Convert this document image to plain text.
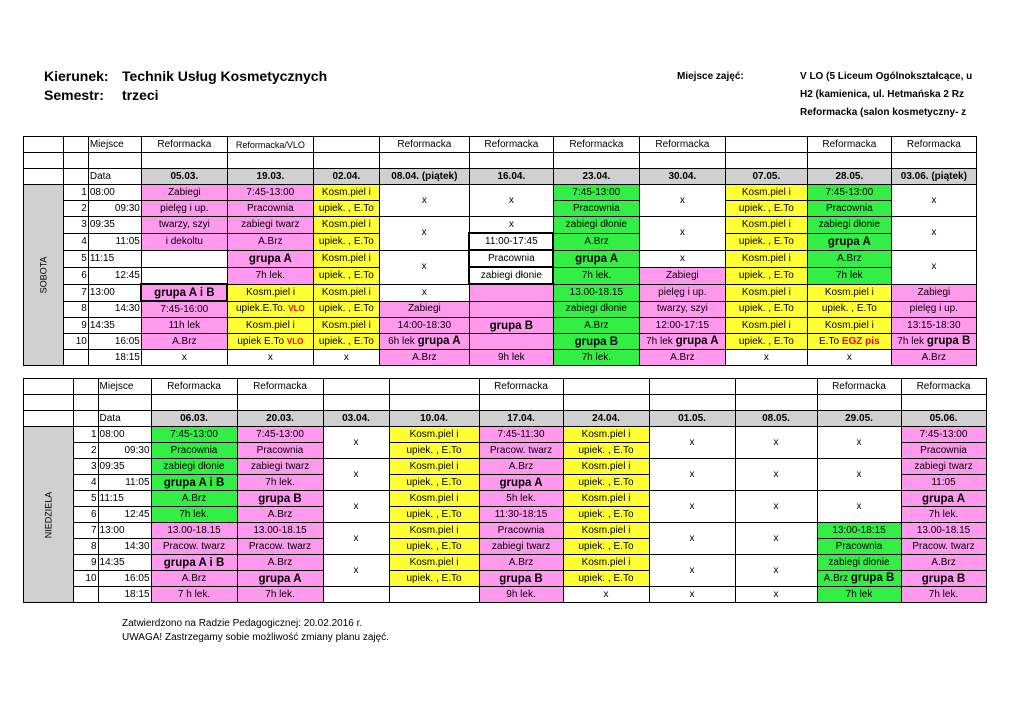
Kierunek: Technik Usług Kosmetycznych
Semestr: trzeci
Miejsce zajęć:	V LO (5 Liceum Ogólnokształcące, u
H2 (kamienica, ul. Hetmańska 2 Rz
Reformacka (salon kosmetyczny- z
		Miejsce	Reformacka	Reformacka/VLO		Reformacka	Reformacka	Reformacka	Reformacka		Reformacka	Reformacka

		Data	05.03.	19.03.	02.04.	08.04. (piątek)	16.04.	23.04.	30.04.	07.05.	28.05.	03.06. (piątek)
SOBOTA	1	08:00	Zabiegi	7:45-13:00	Kosm.piel i	x	x	7:45-13:00	x	Kosm.piel i	7:45-13:00	x
	2	09:30	pielęg i up.	Pracownia	upiek. , E.To			Pracownia		upiek. , E.To	Pracownia	
	3	09:35	twarzy, szyi	zabiegi twarz	Kosm.piel i	x	x	zabiegi dłonie	x	Kosm.piel i	zabiegi dłonie	x
	4	11:05	i dekoltu	A.Brz	upiek. , E.To		11:00-17:45	A.Brz		upiek. , E.To	grupa A	
	5	11:15		grupa A	Kosm.piel i	x	Pracownia	grupa A	x	Kosm.piel i	A.Brz	x
	6	12:45		7h lek.	upiek. , E.To		zabiegi dłonie	7h lek.	Zabiegi	upiek. , E.To	7h lek	
	7	13:00	grupa A i B	Kosm.piel i	Kosm.piel i	x		13.00-18.15	pielęg i up.	Kosm.piel i	Kosm.piel i	Zabiegi
	8	14:30	7:45-16:00	upiek.E.To. VLO	upiek. , E.To	Zabiegi		zabiegi dłonie	twarzy, szyi	upiek. , E.To	upiek. , E.To	pielęg i up.
	9	14:35	11h lek	Kosm.piel i	Kosm.piel i	14:00-18:30	grupa B	A.Brz	12:00-17:15	Kosm.piel i	Kosm.piel i	13:15-18:30
	10	16:05	A.Brz	upiek E.To VLO	upiek. , E.To	6h lek grupa A		grupa B	7h lek grupa A	upiek. , E.To	E.To EGZ pis	7h lek grupa B
		18:15	x	x	x	A.Brz	9h lek	7h lek.	A.Brz	x	x	A.Brz
		Miejsce	Reformacka	Reformacka			Reformacka				Reformacka	Reformacka

		Data	06.03.	20.03.	03.04.	10.04.	17.04.	24.04.	01.05.	08.05.	29.05.	05.06.
NIEDZIELA	1	08:00	7:45-13:00	7:45-13:00	x	Kosm.piel i	7:45-11:30	Kosm.piel i	x	x	x	7:45-13:00
	2	09:30	Pracownia	Pracownia		upiek. , E.To	Pracow. twarz	upiek. , E.To				Pracownia
	3	09:35	zabiegi dłonie	zabiegi twarz	x	Kosm.piel i	A.Brz	Kosm.piel i	x	x	x	zabiegi twarz
	4	11:05	grupa A i B	7h lek.		upiek. , E.To	grupa A	upiek. , E.To				11:05
	5	11:15	A.Brz	grupa B	x	Kosm.piel i	5h lek.	Kosm.piel i	x	x	x	grupa A
	6	12:45	7h lek.	A.Brz		upiek. , E.To	11:30-18:15	upiek. , E.To				7h lek.
	7	13:00	13.00-18.15	13.00-18.15	x	Kosm.piel i	Pracownia	Kosm.piel i	x	x	13:00-18:15	13.00-18.15
	8	14:30	Pracow. twarz	Pracow. twarz		upiek. , E.To	zabiegi twarz	upiek. , E.To			Pracownia	Pracow. twarz
	9	14:35	grupa A i B	A.Brz	x	Kosm.piel i	A.Brz	Kosm.piel i	x	x	zabiegi dłonie	A.Brz
	10	16:05	A.Brz	grupa A		upiek. , E.To	grupa B	upiek. , E.To			A.Brz grupa B	grupa B
		18:15	7 h lek.	7h lek.			9h lek.	x	x	x	7h lek	7h lek.
Zatwierdzono na Radzie Pedagogicznej: 20.02.2016 r.
UWAGA! Zastrzegamy sobie możliwość zmiany planu zajęć.
